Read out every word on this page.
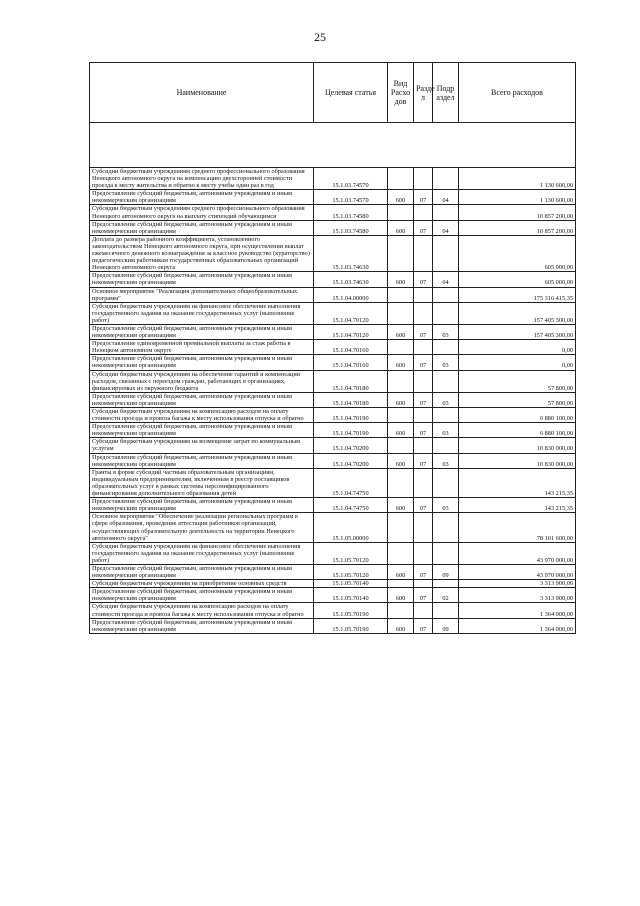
25
Наименование	Целевая статья	Вид Расхо дов	Разде л	Подр аздел	Всего расходов

Субсидии бюджетным учреждениям среднего профессионального образования Ненецкого автономного округа на компенсацию двухсторонней стоимости проезда к месту жительства и обратно к месту учебы один раз в год	15.1.03.74570				1 130 600,00
Предоставление субсидий бюджетным, автономным учреждениям и иным некоммерческим организациям	15.1.03.74570	600	07	04	1 130 600,00
Субсидии бюджетным учреждениям среднего профессионального образования Ненецкого автономного округа на выплату стипендий обучающимся	15.1.03.74580				10 857 200,00
Предоставление субсидий бюджетным, автономным учреждениям и иным некоммерческим организациям	15.1.03.74580	600	07	04	10 857 200,00
Доплата до размера районного коэффициента, установленного законодательством Ненецкого автономного округа, при осуществлении выплат ежемесячного денежного вознаграждения за классное руководство (кураторство) педагогическим работникам государственных образовательных организаций Ненецкого автономного округа	15.1.03.74630				605 000,00
Предоставление субсидий бюджетным, автономным учреждениям и иным некоммерческим организациям	15.1.03.74630	600	07	04	605 000,00
Основное мероприятие "Реализация дополнительных общеобразовательных программ"	15.1.04.00000				175 316 415,35
Субсидии бюджетным учреждениям на финансовое обеспечение выполнения государственного задания на оказание государственных услуг (выполнение работ)	15.1.04.70120				157 405 300,00
Предоставление субсидий бюджетным, автономным учреждениям и иным некоммерческим организациям	15.1.04.70120	600	07	03	157 405 300,00
Предоставление единовременной премиальной выплаты за стаж работы в Ненецком автономном округе	15.1.04.70160				0,00
Предоставление субсидий бюджетным, автономным учреждениям и иным некоммерческим организациям	15.1.04.70160	600	07	03	0,00
Субсидии бюджетным учреждениям на обеспечение гарантий и компенсации расходов, связанных с переездом граждан, работающих в организациях, финансируемых из окружного бюджета	15.1.04.70180				57 800,00
Предоставление субсидий бюджетным, автономным учреждениям и иным некоммерческим организациям	15.1.04.70180	600	07	03	57 800,00
Субсидии бюджетным учреждениям на компенсацию расходов на оплату стоимости проезда и провоза багажа к месту использования отпуска и обратно	15.1.04.70190				6 880 100,00
Предоставление субсидий бюджетным, автономным учреждениям и иным некоммерческим организациям	15.1.04.70190	600	07	03	6 880 100,00
Субсидии бюджетным учреждениям на возмещение затрат по коммунальным услугам	15.1.04.70200				10 830 000,00
Предоставление субсидий бюджетным, автономным учреждениям и иным некоммерческим организациям	15.1.04.70200	600	07	03	10 830 000,00
Гранты в форме субсидий частным образовательным организациям, индивидуальным предпринимателям, включенным в реестр поставщиков образовательных услуг в рамках системы персонифицированного финансирования дополнительного образования детей	15.1.04.74750				143 215,35
Предоставление субсидий бюджетным, автономным учреждениям и иным некоммерческим организациям	15.1.04.74750	600	07	03	143 215,35
Основное мероприятие "Обеспечение реализации региональных программ в сфере образования, проведение аттестации работников организаций, осуществляющих образовательную деятельность на территории Ненецкого автономного округа"	15.1.05.00000				78 101 600,00
Субсидии бюджетным учреждениям на финансовое обеспечение выполнения государственного задания на оказание государственных услуг (выполнение работ)	15.1.05.70120				43 970 000,00
Предоставление субсидий бюджетным, автономным учреждениям и иным некоммерческим организациям	15.1.05.70120	600	07	09	43 970 000,00
Субсидии бюджетным учреждениям на приобретение основных средств	15.1.05.70140				3 313 900,00
Предоставление субсидий бюджетным, автономным учреждениям и иным некоммерческим организациям	15.1.05.70140	600	07	02	3 313 900,00
Субсидии бюджетным учреждениям на компенсацию расходов на оплату стоимости проезда и провоза багажа к месту использования отпуска и обратно	15.1.05.70190				1 364 000,00
Предоставление субсидий бюджетным, автономным учреждениям и иным некоммерческим организациям	15.1.05.70190	600	07	09	1 364 000,00
